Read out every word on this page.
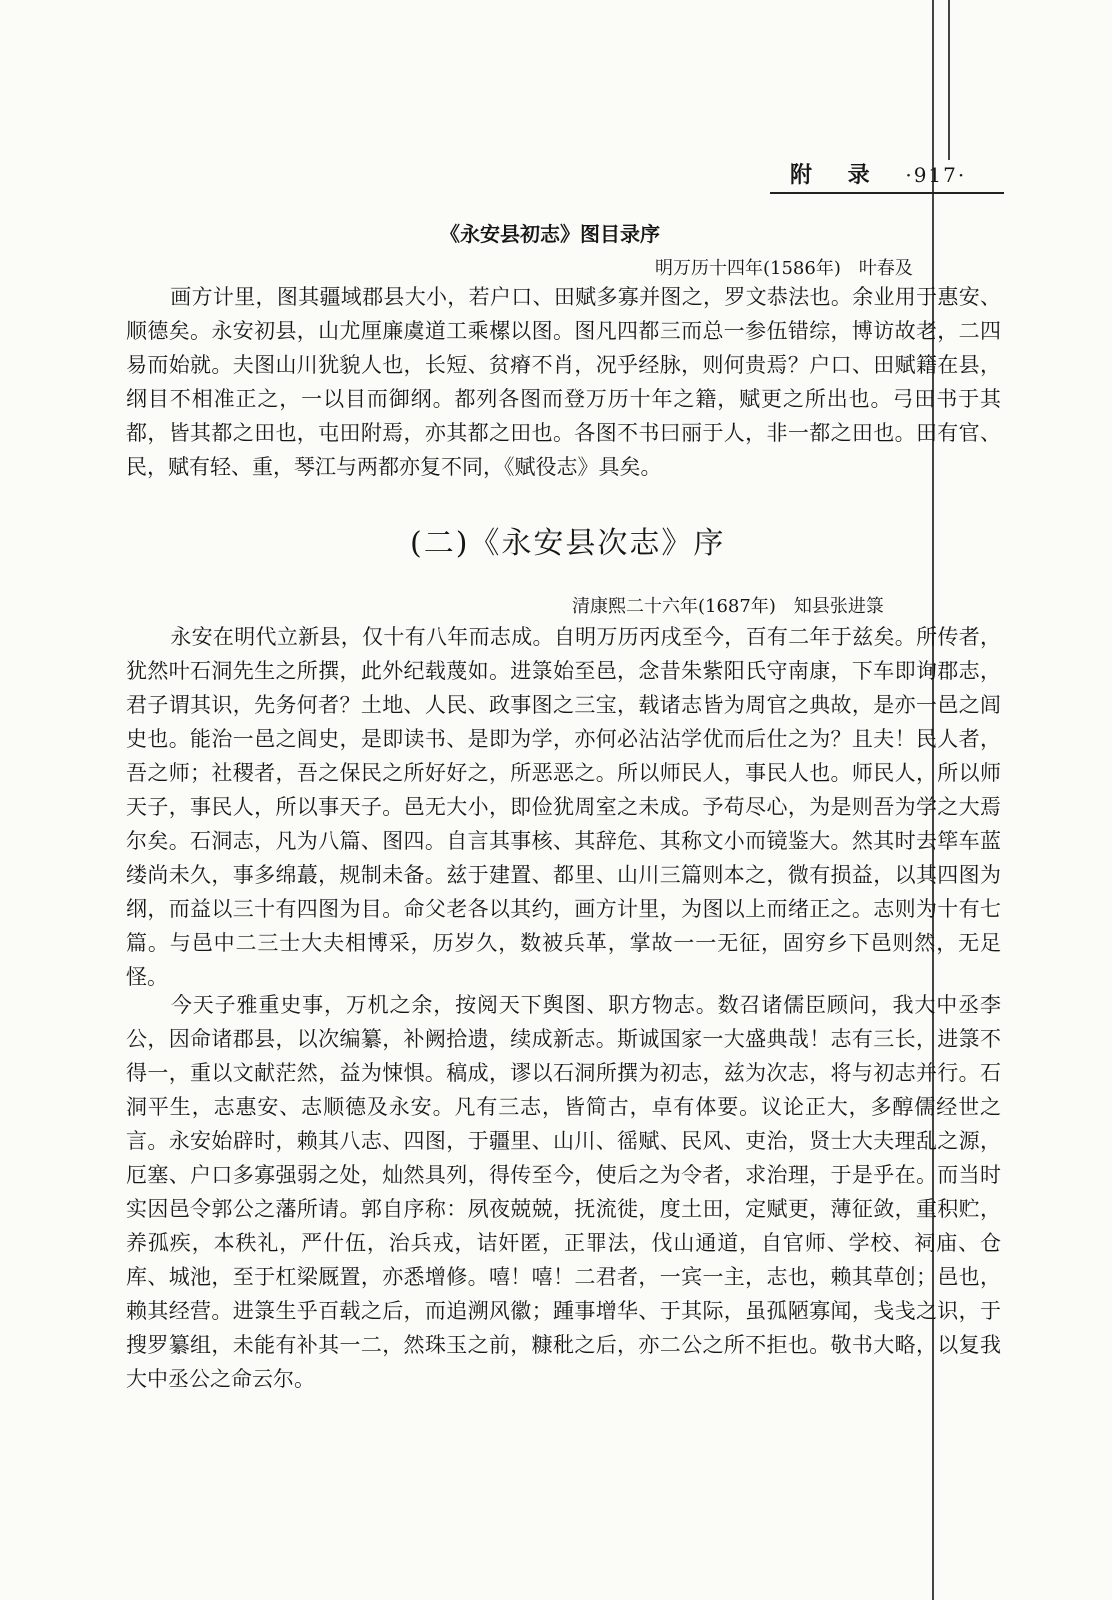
附 录 ·917·
《永安县初志》图目录序
明万历十四年(1586年)　叶春及
画方计里，图其疆域郡县大小，若户口、田赋多寡并图之，罗文恭法也。余业用于惠安、顺德矣。永安初县，山尤厘廉虞道工乘樏以图。图凡四都三而总一参伍错综，博访故老，二四易而始就。夫图山川犹貌人也，长短、贫瘠不肖，况乎经脉，则何贵焉？户口、田赋籍在县，纲目不相准正之，一以目而御纲。都列各图而登万历十年之籍，赋更之所出也。弓田书于其都，皆其都之田也，屯田附焉，亦其都之田也。各图不书曰丽于人，非一都之田也。田有官、民，赋有轻、重，琴江与两都亦复不同，《赋役志》具矣。
(二)《永安县次志》序
清康熙二十六年(1687年)　知县张进箓
永安在明代立新县，仅十有八年而志成。自明万历丙戌至今，百有二年于兹矣。所传者，犹然叶石洞先生之所撰，此外纪载蔑如。进箓始至邑，念昔朱紫阳氏守南康，下车即询郡志，君子谓其识，先务何者？土地、人民、政事图之三宝，载诸志皆为周官之典故，是亦一邑之闾史也。能治一邑之闾史，是即读书、是即为学，亦何必沾沾学优而后仕之为？且夫！民人者，吾之师；社稷者，吾之保民之所好好之，所恶恶之。所以师民人，事民人也。师民人，所以师天子，事民人，所以事天子。邑无大小，即俭犹周室之未成。予苟尽心，为是则吾为学之大焉尔矣。石洞志，凡为八篇、图四。自言其事核、其辞危、其称文小而镜鉴大。然其时去筚车蓝缕尚未久，事多绵蕞，规制未备。兹于建置、都里、山川三篇则本之，微有损益，以其四图为纲，而益以三十有四图为目。命父老各以其约，画方计里，为图以上而绪正之。志则为十有七篇。与邑中二三士大夫相博采，历岁久，数被兵革，掌故一一无征，固穷乡下邑则然，无足怪。
今天子雅重史事，万机之余，按阅天下舆图、职方物志。数召诸儒臣顾问，我大中丞李公，因命诸郡县，以次编纂，补阙拾遗，续成新志。斯诚国家一大盛典哉！志有三长，进箓不得一，重以文献茫然，益为悚惧。稿成，谬以石洞所撰为初志，兹为次志，将与初志并行。石洞平生，志惠安、志顺德及永安。凡有三志，皆简古，卓有体要。议论正大，多醇儒经世之言。永安始辟时，赖其八志、四图，于疆里、山川、徭赋、民风、吏治，贤士大夫理乱之源，厄塞、户口多寡强弱之处，灿然具列，得传至今，使后之为令者，求治理，于是乎在。而当时实因邑令郭公之藩所请。郭自序称：夙夜兢兢，抚流徙，度土田，定赋更，薄征敛，重积贮，养孤疾，本秩礼，严什伍，治兵戎，诘奸匿，正罪法，伐山通道，自官师、学校、祠庙、仓库、城池，至于杠梁厩置，亦悉增修。嘻！嘻！二君者，一宾一主，志也，赖其草创；邑也，赖其经营。进箓生乎百载之后，而追溯风徽；踵事增华、于其际，虽孤陋寡闻，戋戋之识，于搜罗纂组，未能有补其一二，然珠玉之前，糠秕之后，亦二公之所不拒也。敬书大略，以复我大中丞公之命云尔。
